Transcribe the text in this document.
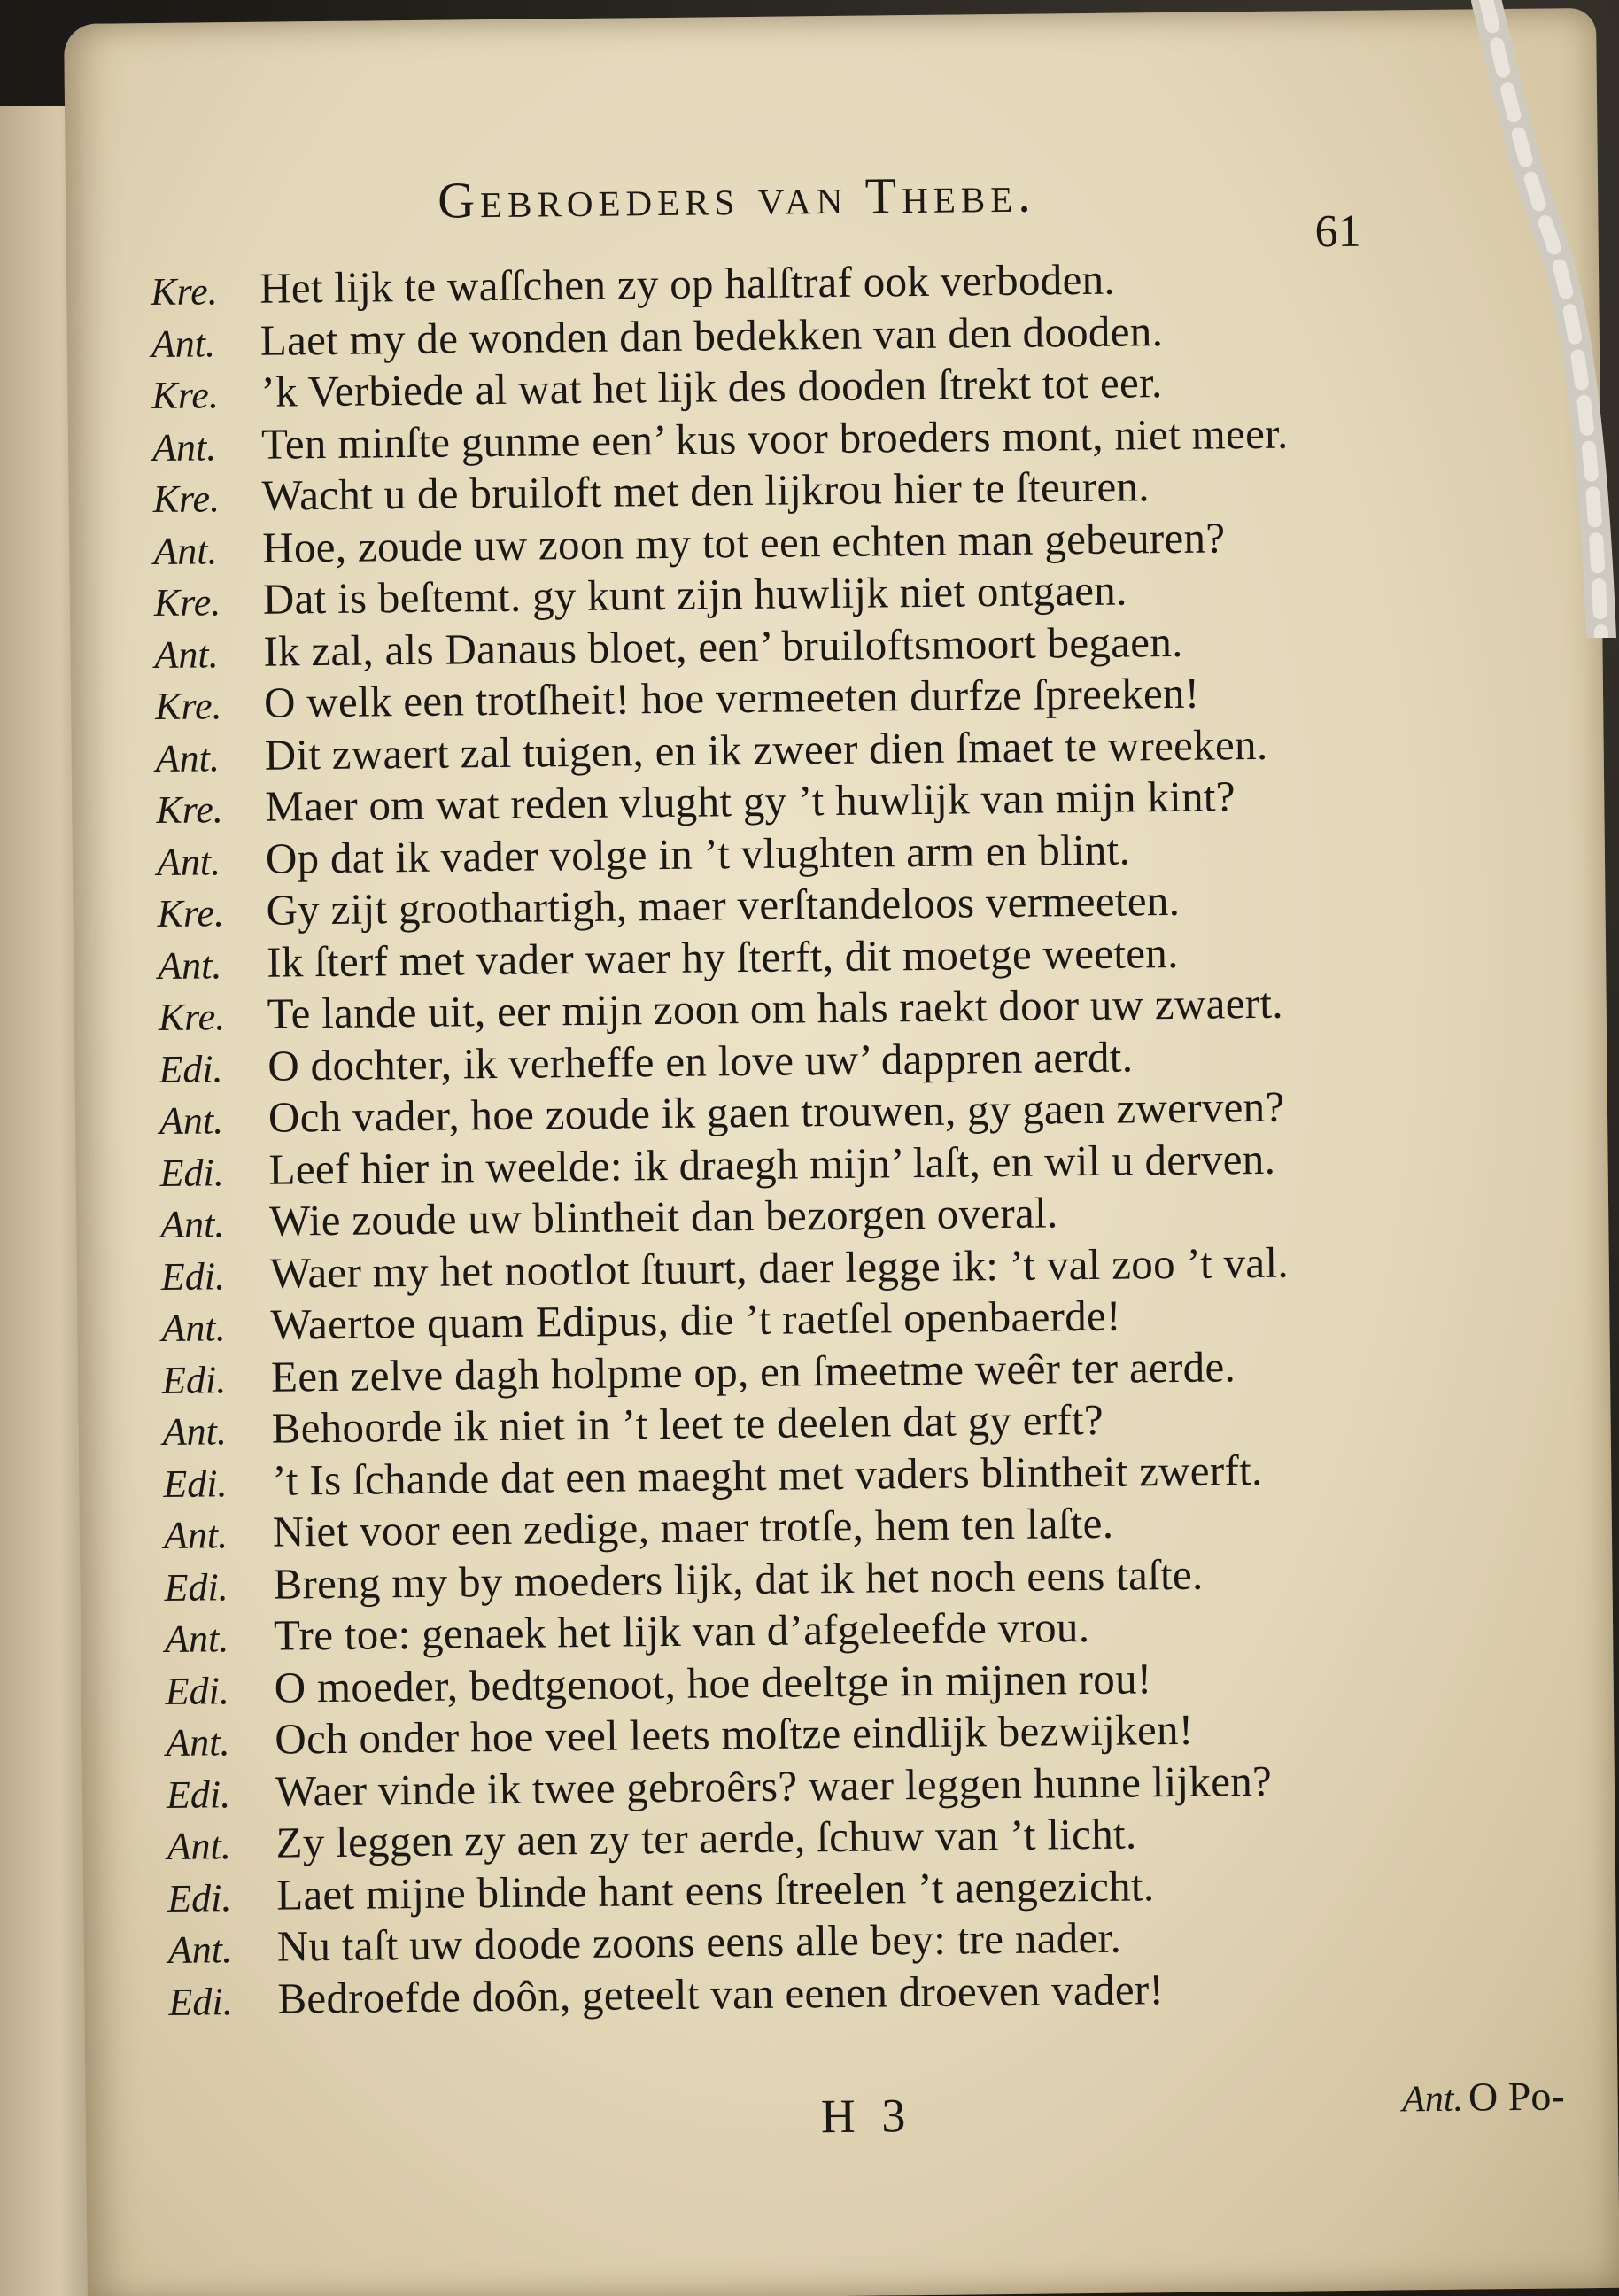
Gebroeders van Thebe.
61
Kre. Het lijk te waſſchen zy op halſtraf ook verboden.
Ant.	Laet my de wonden dan bedekken van den dooden.
Kre. ’k Verbiede al wat het lijk des dooden ſtrekt tot eer.
Ant.	Ten minſte gunme een’ kus voor broeders mont, niet meer.
Kre. Wacht u de bruiloft met den lijkrou hier te ſteuren.
Ant.	Hoe, zoude uw zoon my tot een echten man gebeuren?
Kre. Dat is beſtemt. gy kunt zijn huwlijk niet ontgaen.
Ant.	Ik zal, als Danaus bloet, een’ bruiloftsmoort begaen.
Kre. O welk een trotſheit! hoe vermeeten durfze ſpreeken!
Ant.	Dit zwaert zal tuigen, en ik zweer dien ſmaet te wreeken.
Kre. Maer om wat reden vlught gy ’t huwlijk van mijn kint?
Ant.	Op dat ik vader volge in ’t vlughten arm en blint.
Kre. Gy zijt groothartigh, maer verſtandeloos vermeeten.
Ant.	Ik ſterf met vader waer hy ſterft, dit moetge weeten.
Kre. Te lande uit, eer mijn zoon om hals raekt door uw zwaert.
Edi.	O dochter, ik verheffe en love uw’ dappren aerdt.
Ant.	Och vader, hoe zoude ik gaen trouwen, gy gaen zwerven?
Edi.	Leef hier in weelde: ik draegh mijn’ laſt, en wil u derven.
Ant.	Wie zoude uw blintheit dan bezorgen overal.
Edi.	Waer my het nootlot ſtuurt, daer legge ik: ’t val zoo ’t val.
Ant.	Waertoe quam Edipus, die ’t raetſel openbaerde!
Edi.	Een zelve dagh holpme op, en ſmeetme weêr ter aerde.
Ant.	Behoorde ik niet in ’t leet te deelen dat gy erft?
Edi.	’t Is ſchande dat een maeght met vaders blintheit zwerft.
Ant.	Niet voor een zedige, maer trotſe, hem ten laſte.
Edi.	Breng my by moeders lijk, dat ik het noch eens taſte.
Ant.	Tre toe: genaek het lijk van d’afgeleefde vrou.
Edi.	O moeder, bedtgenoot, hoe deeltge in mijnen rou!
Ant.	Och onder hoe veel leets moſtze eindlijk bezwijken!
Edi.	Waer vinde ik twee gebroêrs? waer leggen hunne lijken?
Ant.	Zy leggen zy aen zy ter aerde, ſchuw van ’t licht.
Edi.	Laet mijne blinde hant eens ſtreelen ’t aengezicht.
Ant.	Nu taſt uw doode zoons eens alle bey: tre nader.
Edi.	Bedroefde doôn, geteelt van eenen droeven vader!
H 3	Ant. O Po-
